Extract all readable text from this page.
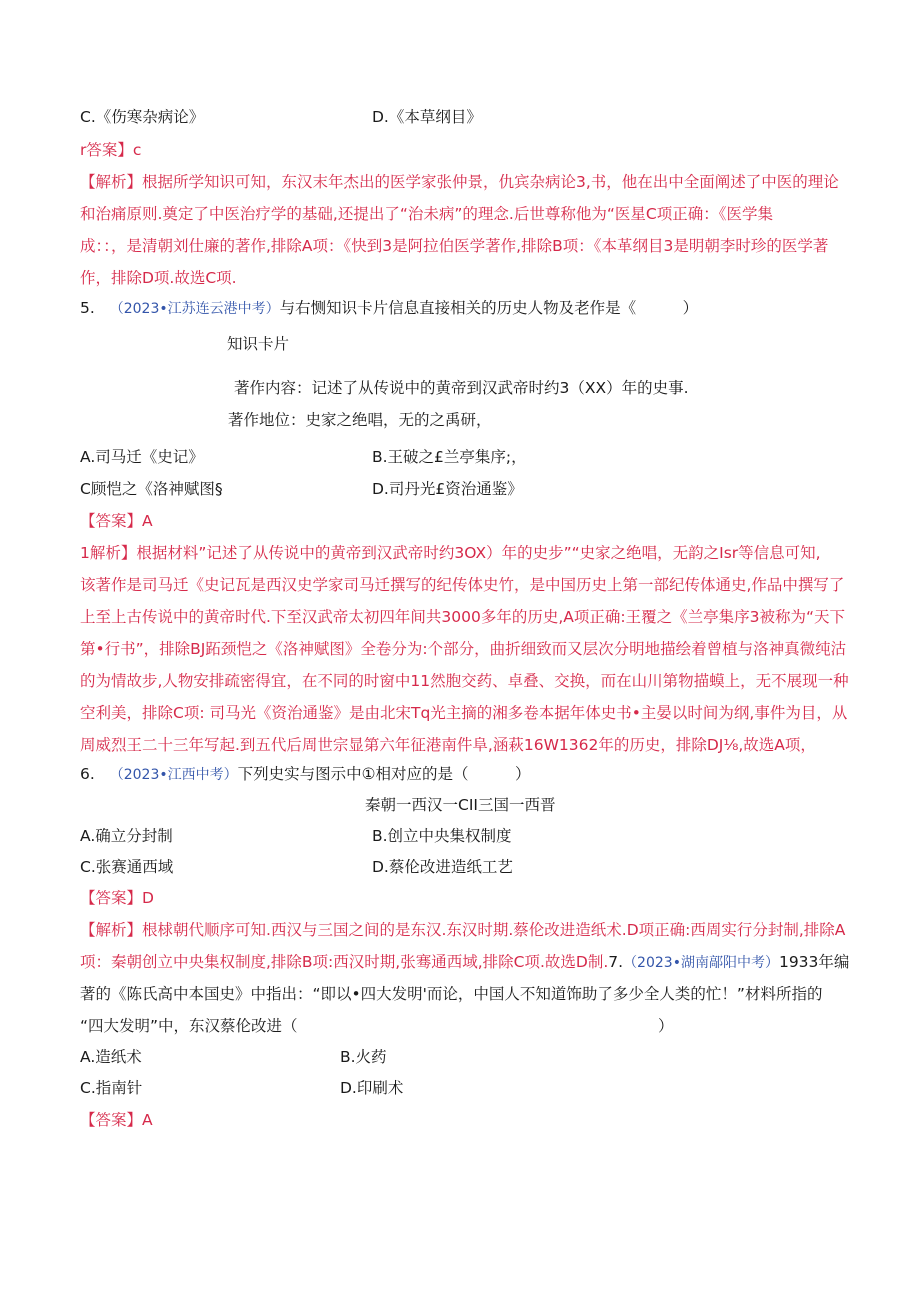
C.《伤寒杂病论》	D.《本草纲目》
r答案】c
【解析】根据所学知识可知，东汉末年杰出的医学家张仲景，仇宾杂病论3,书，他在出中全面阐述了中医的理论
和治痛原则.奠定了中医治疗学的基础,还提出了“治未病”的理念.后世尊称他为“医星C项正确：《医学集
成：：，是清朝刘仕廉的著作,排除A项：《快到3是阿拉伯医学著作,排除B项：《本革纲目3是明朝李时珍的医学著
作，排除D项.故选C项.
5. （2023•江苏连云港中考）与右恻知识卡片信息直接相关的历史人物及老作是《　　　）
知识卡片
著作内容：记述了从传说中的黄帝到汉武帝时约3（XX）年的史事.
著作地位：史家之绝唱，无的之禹研，
A.司马迁《史记》	B.王破之£兰亭集序;，
C顾恺之《洛神赋图§	D.司丹光£资治通鉴》
【答案】A
1解析】根据材料”记述了从传说中的黄帝到汉武帝时约3OX）年的史步”“史家之绝唱，无韵之Isr等信息可知,
该著作是司马迁《史记瓦是西汉史学家司马迁撰写的纪传体史竹，是中国历史上第一部纪传体通史,作品中撰写了
上至上古传说中的黄帝时代.下至汉武帝太初四年间共3000多年的历史,A项正确:王覆之《兰亭集序3被称为“天下
第•行书”，排除BJ跖颈恺之《洛神赋图》全卷分为:个部分，曲折细致而又层次分明地描绘着曾植与洛神真微纯沽
的为情故步,人物安排疏密得宜，在不同的时窗中11然胞交药、卓叠、交换，而在山川第物描蟆上，无不展现一种
空利美，排除C项: 司马光《资治通鉴》是由北宋Tq光主摘的湘多卷本据年体史书•主晏以时间为纲,事件为目，从
周威烈王二十三年写起.到五代后周世宗显第六年征港南件阜,涵萩16W1362年的历史，排除DJ⅛,故选A项，
6. （2023•江西中考）下列史实与图示中①相对应的是（　　　）
秦朝一西汉一CII三国一西晋
A.确立分封制	B.创立中央集权制度
C.张赛通西域	D.蔡伦改进造纸工艺
【答案】D
【解析】根梂朝代顺序可知.西汉与三国之间的是东汉.东汉时期.蔡伦改进造纸术.D项正确:西周实行分封制,排除A
项：秦朝创立中央集权制度,排除B项:西汉时期,张骞通西域,排除C项.故选D制.7.（2023•湖南鄗阳中考）1933年编
著的《陈氏高中本国史》中指出：“即以•四大发明'而论，中国人不知道饰助了多少全人类的忙！”材料所指的
“四大发明”中，东汉蔡伦改进（	）
A.造纸术	B.火药
C.指南针	D.印刷术
【答案】A
